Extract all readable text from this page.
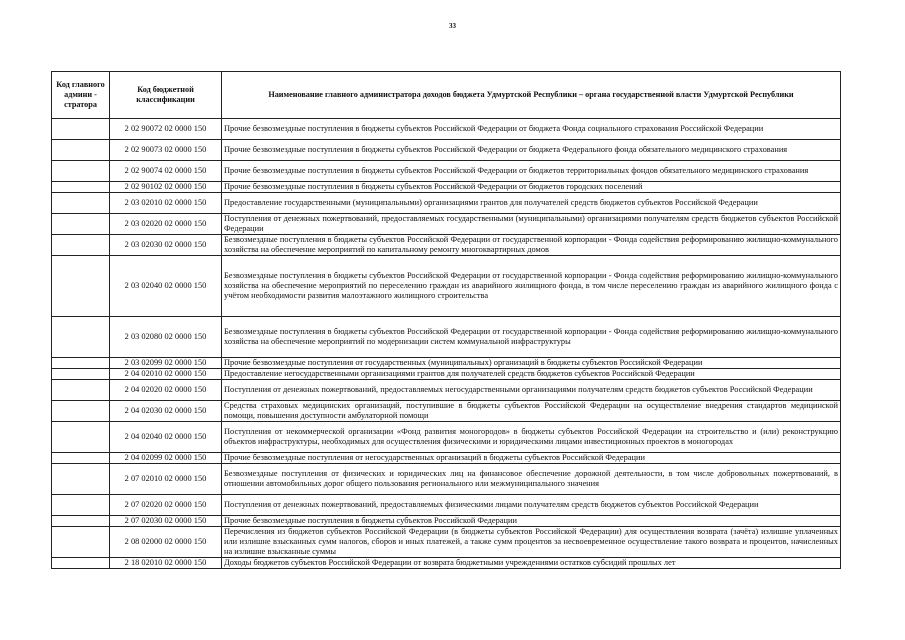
33
Код главного админи - стратора	Код бюджетной классификации	Наименование главного администратора доходов бюджета Удмуртской Республики – органа государственной власти Удмуртской Республики
	2 02 90072 02 0000 150	Прочие безвозмездные поступления в бюджеты субъектов Российской Федерации от бюджета Фонда социального страхования Российской Федерации
	2 02 90073 02 0000 150	Прочие безвозмездные поступления в бюджеты субъектов Российской Федерации от бюджета Федерального фонда обязательного медицинского страхования
	2 02 90074 02 0000 150	Прочие безвозмездные поступления в бюджеты субъектов Российской Федерации от бюджетов территориальных фондов обязательного медицинского страхования
	2 02 90102 02 0000 150	Прочие безвозмездные поступления в бюджеты субъектов Российской Федерации от бюджетов городских поселений
	2 03 02010 02 0000 150	Предоставление государственными (муниципальными) организациями грантов для получателей средств бюджетов субъектов Российской Федерации
	2 03 02020 02 0000 150	Поступления от денежных пожертвований, предоставляемых государственными (муниципальными) организациями получателям средств бюджетов субъектов Российской Федерации
	2 03 02030 02 0000 150	Безвозмездные поступления в бюджеты субъектов Российской Федерации от государственной корпорации - Фонда содействия реформированию жилищно-коммунального хозяйства на обеспечение мероприятий по капитальному ремонту многоквартирных домов
	2 03 02040 02 0000 150	Безвозмездные поступления в бюджеты субъектов Российской Федерации от государственной корпорации - Фонда содействия реформированию жилищно-коммунального хозяйства на обеспечение мероприятий по переселению граждан из аварийного жилищного фонда, в том числе переселению граждан из аварийного жилищного фонда с учётом необходимости развития малоэтажного жилищного строительства
	2 03 02080 02 0000 150	Безвозмездные поступления в бюджеты субъектов Российской Федерации от государственной корпорации - Фонда содействия реформированию жилищно-коммунального хозяйства на обеспечение мероприятий по модернизации систем коммунальной инфраструктуры
	2 03 02099 02 0000 150	Прочие безвозмездные поступления от государственных (муниципальных) организаций в бюджеты субъектов Российской Федерации
	2 04 02010 02 0000 150	Предоставление негосударственными организациями грантов для получателей средств бюджетов субъектов Российской Федерации
	2 04 02020 02 0000 150	Поступления от денежных пожертвований, предоставляемых негосударственными организациями получателям средств бюджетов субъектов Российской Федерации
	2 04 02030 02 0000 150	Средства страховых медицинских организаций, поступившие в бюджеты субъектов Российской Федерации на осуществление внедрения стандартов медицинской помощи, повышения доступности амбулаторной помощи
	2 04 02040 02 0000 150	Поступления от некоммерческой организации «Фонд развития моногородов» в бюджеты субъектов Российской Федерации на строительство и (или) реконструкцию объектов инфраструктуры, необходимых для осуществления физическими и юридическими лицами инвестиционных проектов в моногородах
	2 04 02099 02 0000 150	Прочие безвозмездные поступления от негосударственных организаций в бюджеты субъектов Российской Федерации
	2 07 02010 02 0000 150	Безвозмездные поступления от физических и юридических лиц на финансовое обеспечение дорожной деятельности, в том числе добровольных пожертвований, в отношении автомобильных дорог общего пользования регионального или межмуниципального значения
	2 07 02020 02 0000 150	Поступления от денежных пожертвований, предоставляемых физическими лицами получателям средств бюджетов субъектов Российской Федерации
	2 07 02030 02 0000 150	Прочие безвозмездные поступления в бюджеты субъектов Российской Федерации
	2 08 02000 02 0000 150	Перечисления из бюджетов субъектов Российской Федерации (в бюджеты субъектов Российской Федерации) для осуществления возврата (зачёта) излишне уплаченных или излишне взысканных сумм налогов, сборов и иных платежей, а также сумм процентов за несвоевременное осуществление такого возврата и процентов, начисленных на излишне взысканные суммы
	2 18 02010 02 0000 150	Доходы бюджетов субъектов Российской Федерации от возврата бюджетными учреждениями остатков субсидий прошлых лет
